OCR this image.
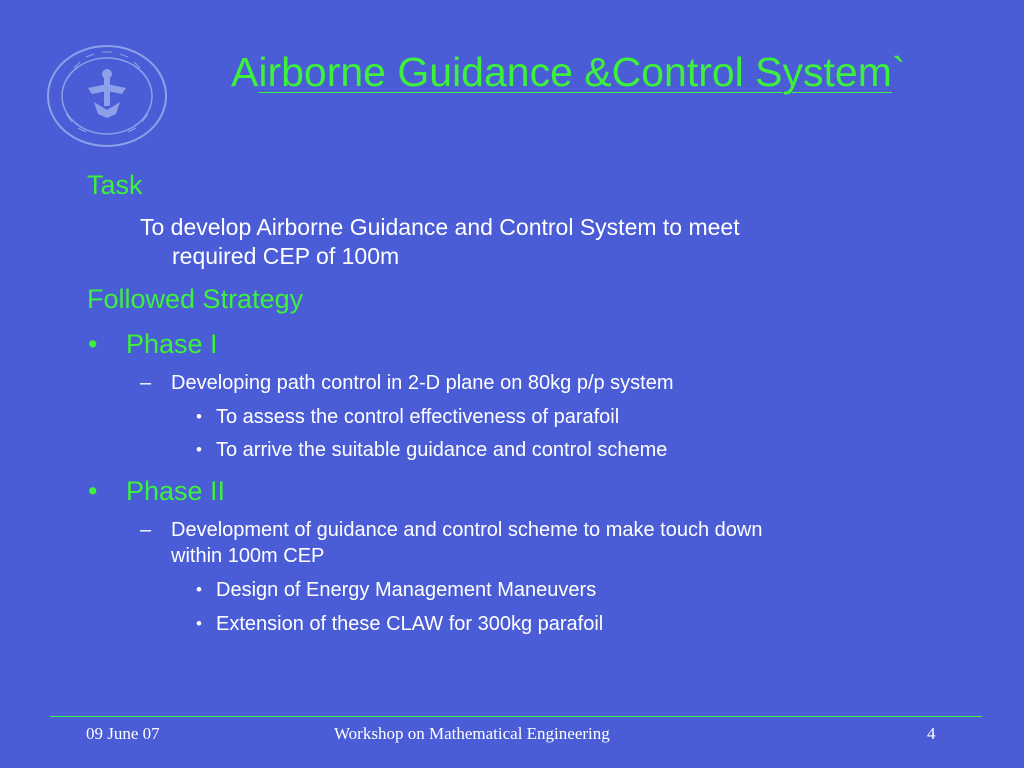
Airborne Guidance &Control System`
Task
To develop Airborne Guidance and Control System to meet
required CEP of 100m
Followed Strategy
• Phase I
– Developing path control in 2-D plane on 80kg p/p system
• To assess the control effectiveness of parafoil
• To arrive the suitable guidance and control scheme
• Phase II
– Development of guidance and control scheme to make touch down
within 100m CEP
• Design of Energy Management Maneuvers
• Extension of these CLAW for 300kg parafoil
09 June 07	Workshop on Mathematical Engineering	4
